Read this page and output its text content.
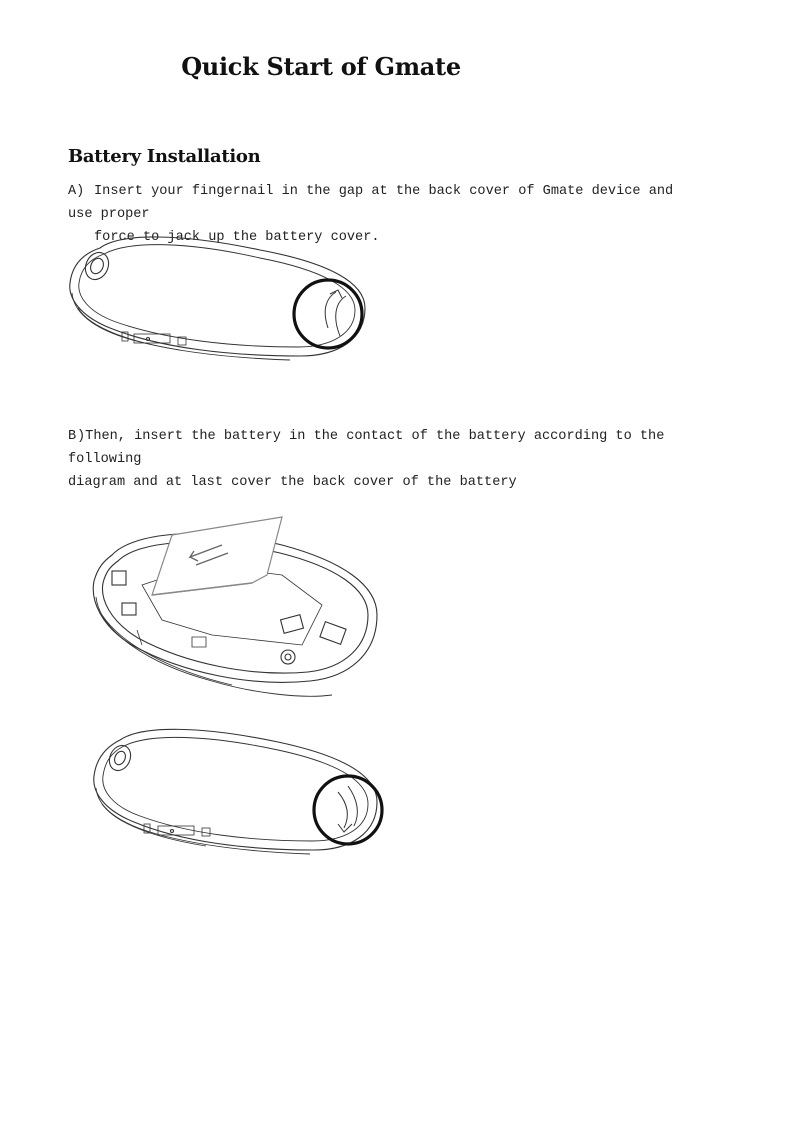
Quick Start of Gmate
Battery Installation
A) Insert your fingernail in the gap at the back cover of Gmate device and use proper
force to jack up the battery cover.
B )Then, insert the battery in the contact of the battery according to the following
diagram and at last cover the back cover of the battery
